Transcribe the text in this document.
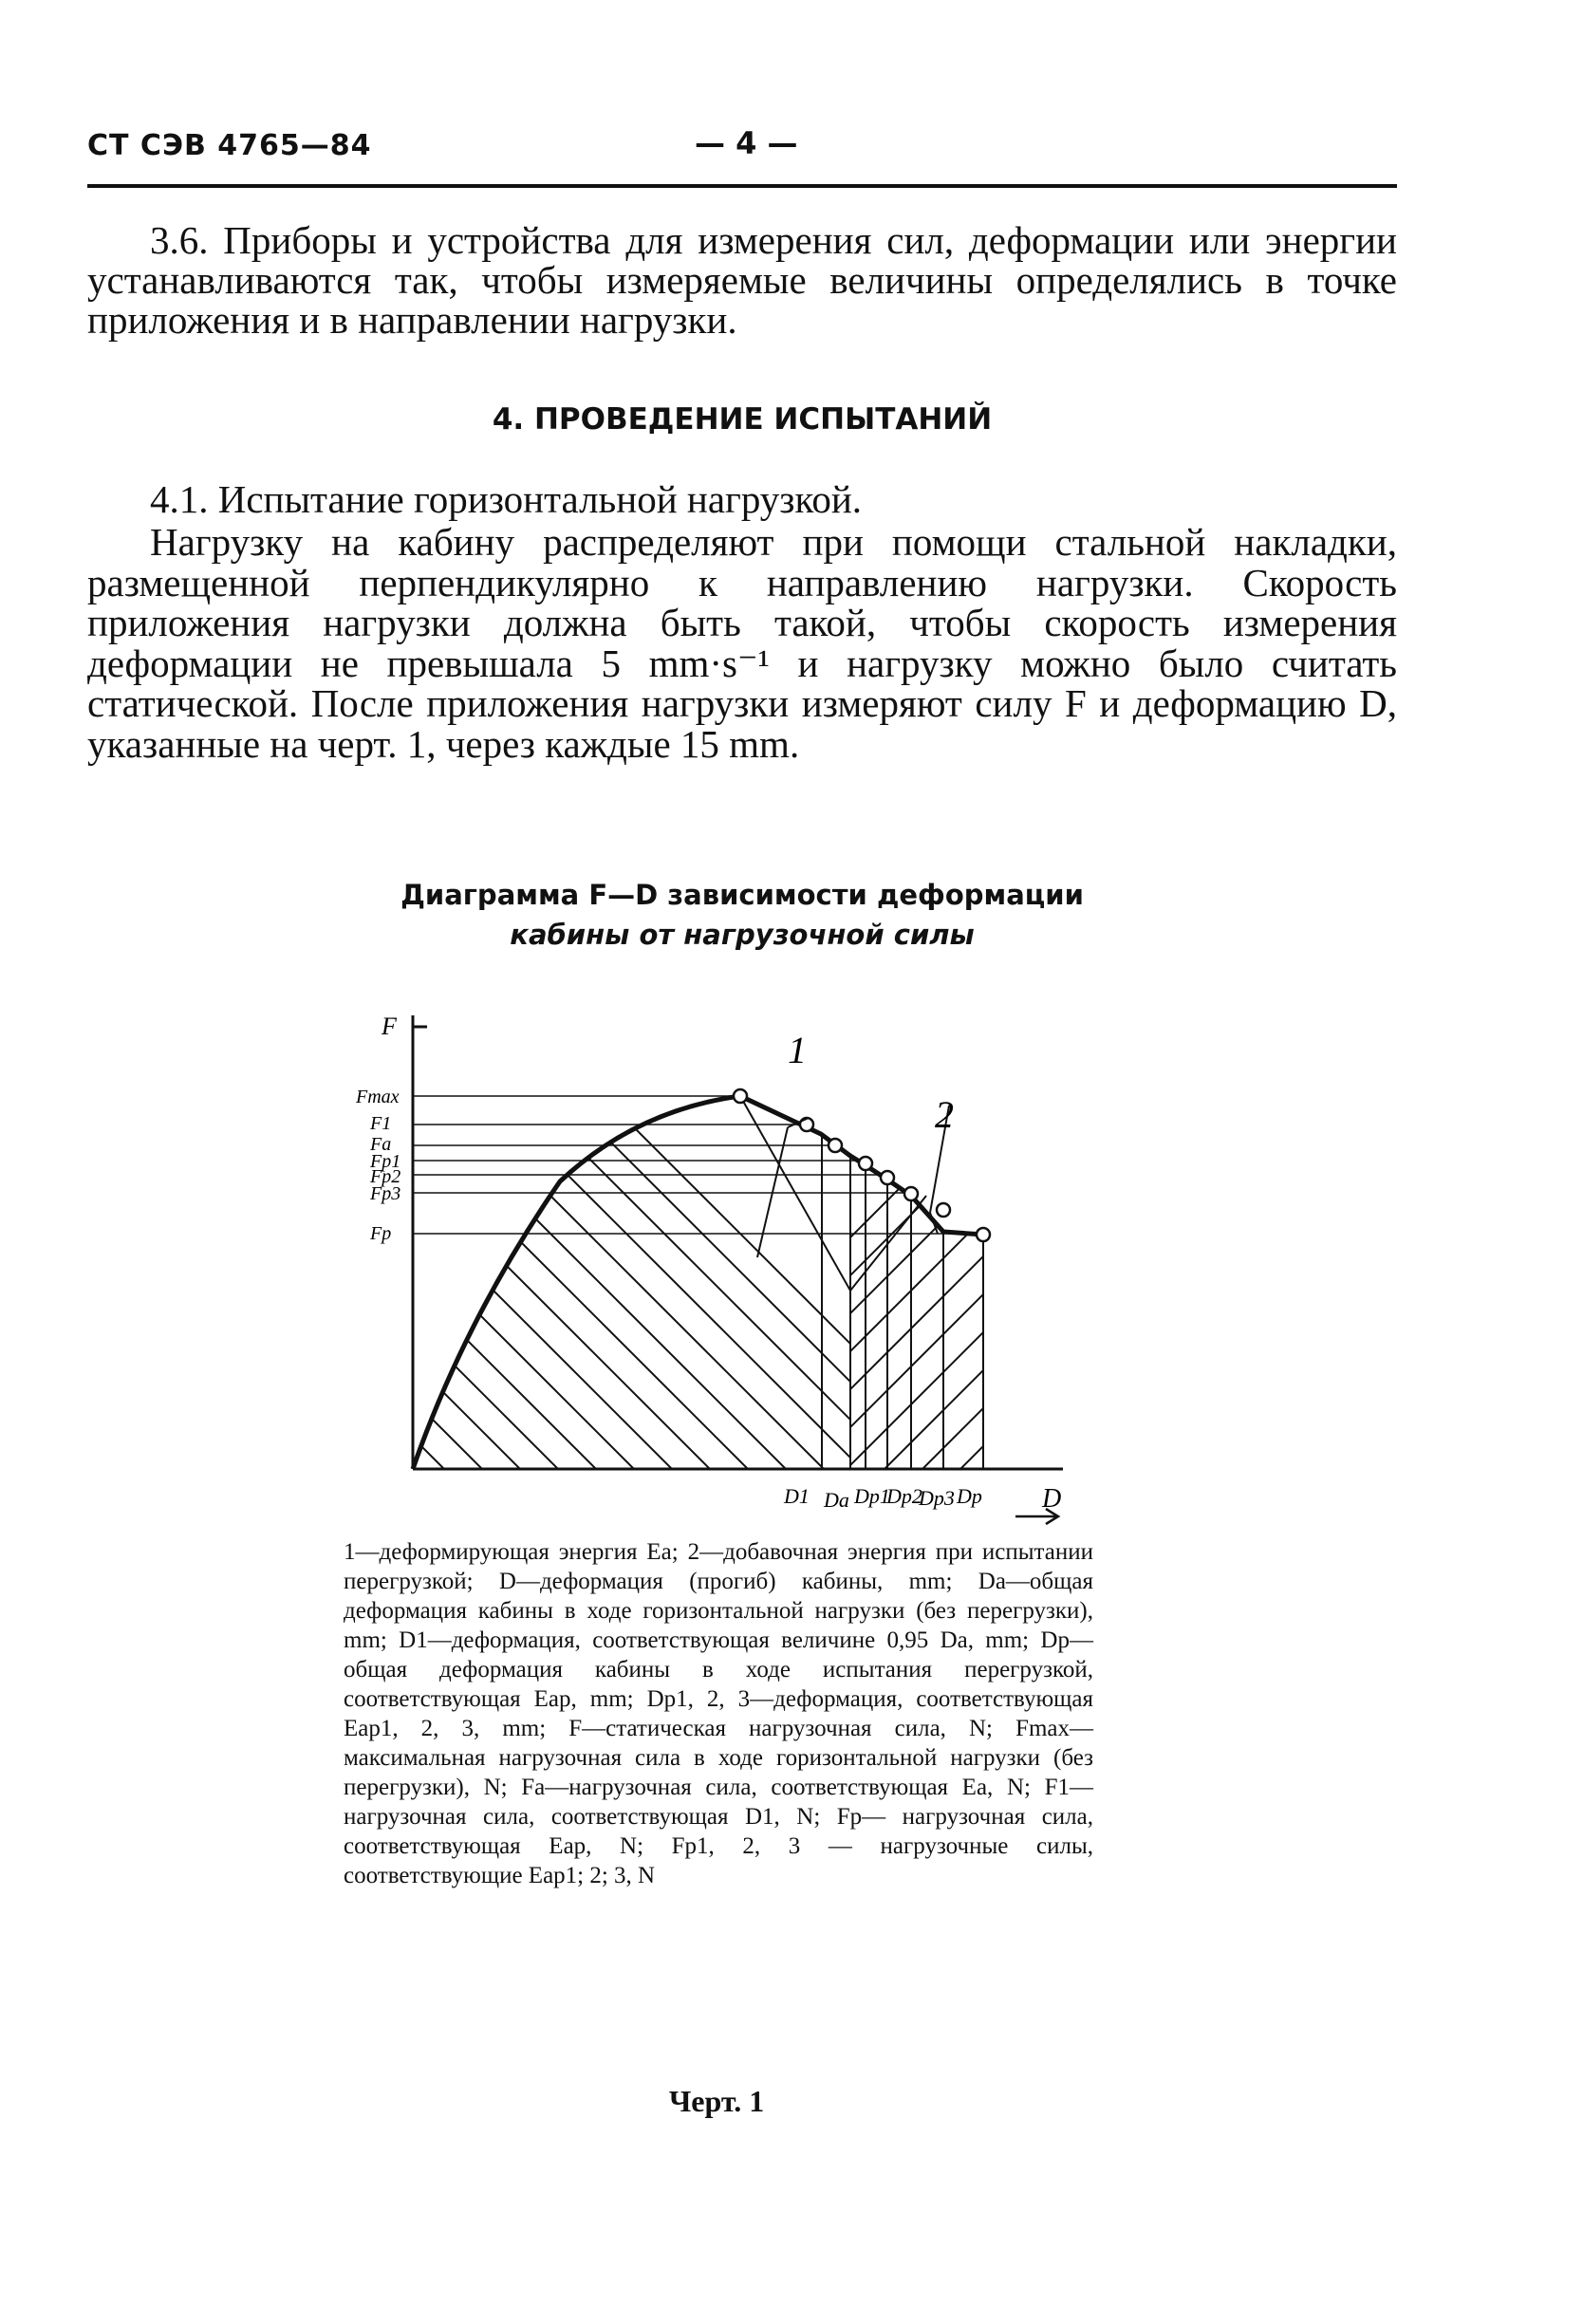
СТ СЭВ 4765—84	— 4 —
3.6. Приборы и устройства для измерения сил, деформации или энергии устанавливаются так, чтобы измеряемые величины определялись в точке приложения и в направлении нагрузки.
4. ПРОВЕДЕНИЕ ИСПЫТАНИЙ
4.1. Испытание горизонтальной нагрузкой.
Нагрузку на кабину распределяют при помощи стальной накладки, размещенной перпендикулярно к направлению нагрузки. Скорость приложения нагрузки должна быть такой, чтобы скорость измерения деформации не превышала 5 mm·s⁻¹ и нагрузку можно было считать статической. После приложения нагрузки измеряют силу F и деформацию D, указанные на черт. 1, через каждые 15 mm.
Диаграмма F—D зависимости деформации
кабины от нагрузочной силы
1
2
F
D
Fmax
F1
Fa
Fp1
Fp2
Fp3
Fp
D1 Da Dp1
Dp2
Dp3 Dp
1—деформирующая энергия Ea; 2—добавочная энергия при испытании перегрузкой; D—деформация (прогиб) кабины, mm; Da—общая деформация кабины в ходе горизонтальной нагрузки (без перегрузки), mm; D1—деформация, соответствующая величине 0,95 Da, mm; Dp—общая деформация кабины в ходе испытания перегрузкой, соответствующая Eap, mm; Dp1, 2, 3—деформация, соответствующая Eap1, 2, 3, mm; F—статическая нагрузочная сила, N; Fmax—максимальная нагрузочная сила в ходе горизонтальной нагрузки (без перегрузки), N; Fa—нагрузочная сила, соответствующая Ea, N; F1—нагрузочная сила, соответствующая D1, N; Fp— нагрузочная сила, соответствующая Eap, N; Fp1, 2, 3 — нагрузочные силы, соответствующие Eap1; 2; 3, N
Черт. 1
